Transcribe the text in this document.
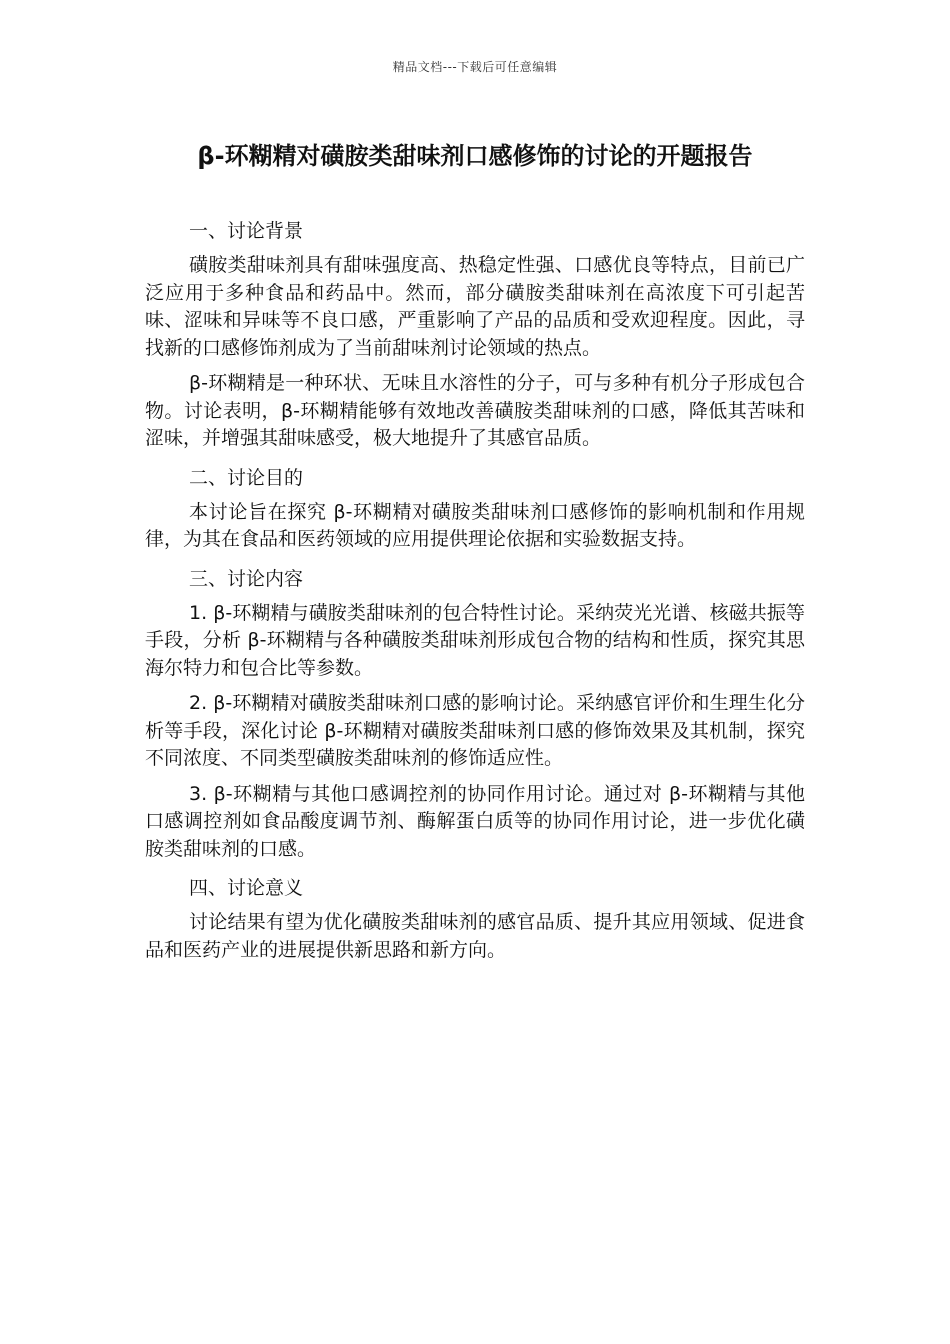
精品文档---下载后可任意编辑
β-环糊精对磺胺类甜味剂口感修饰的讨论的开题报告

一、讨论背景

磺胺类甜味剂具有甜味强度高、热稳定性强、口感优良等特点，目前已广泛应用于多种食品和药品中。然而，部分磺胺类甜味剂在高浓度下可引起苦味、涩味和异味等不良口感，严重影响了产品的品质和受欢迎程度。因此，寻找新的口感修饰剂成为了当前甜味剂讨论领域的热点。

β-环糊精是一种环状、无味且水溶性的分子，可与多种有机分子形成包合物。讨论表明，β-环糊精能够有效地改善磺胺类甜味剂的口感，降低其苦味和涩味，并增强其甜味感受，极大地提升了其感官品质。

二、讨论目的

本讨论旨在探究 β-环糊精对磺胺类甜味剂口感修饰的影响机制和作用规律，为其在食品和医药领域的应用提供理论依据和实验数据支持。

三、讨论内容

1. β-环糊精与磺胺类甜味剂的包合特性讨论。采纳荧光光谱、核磁共振等手段，分析 β-环糊精与各种磺胺类甜味剂形成包合物的结构和性质，探究其思海尔特力和包合比等参数。

2. β-环糊精对磺胺类甜味剂口感的影响讨论。采纳感官评价和生理生化分析等手段，深化讨论 β-环糊精对磺胺类甜味剂口感的修饰效果及其机制，探究不同浓度、不同类型磺胺类甜味剂的修饰适应性。

3. β-环糊精与其他口感调控剂的协同作用讨论。通过对 β-环糊精与其他口感调控剂如食品酸度调节剂、酶解蛋白质等的协同作用讨论，进一步优化磺胺类甜味剂的口感。

四、讨论意义

讨论结果有望为优化磺胺类甜味剂的感官品质、提升其应用领域、促进食品和医药产业的进展提供新思路和新方向。
